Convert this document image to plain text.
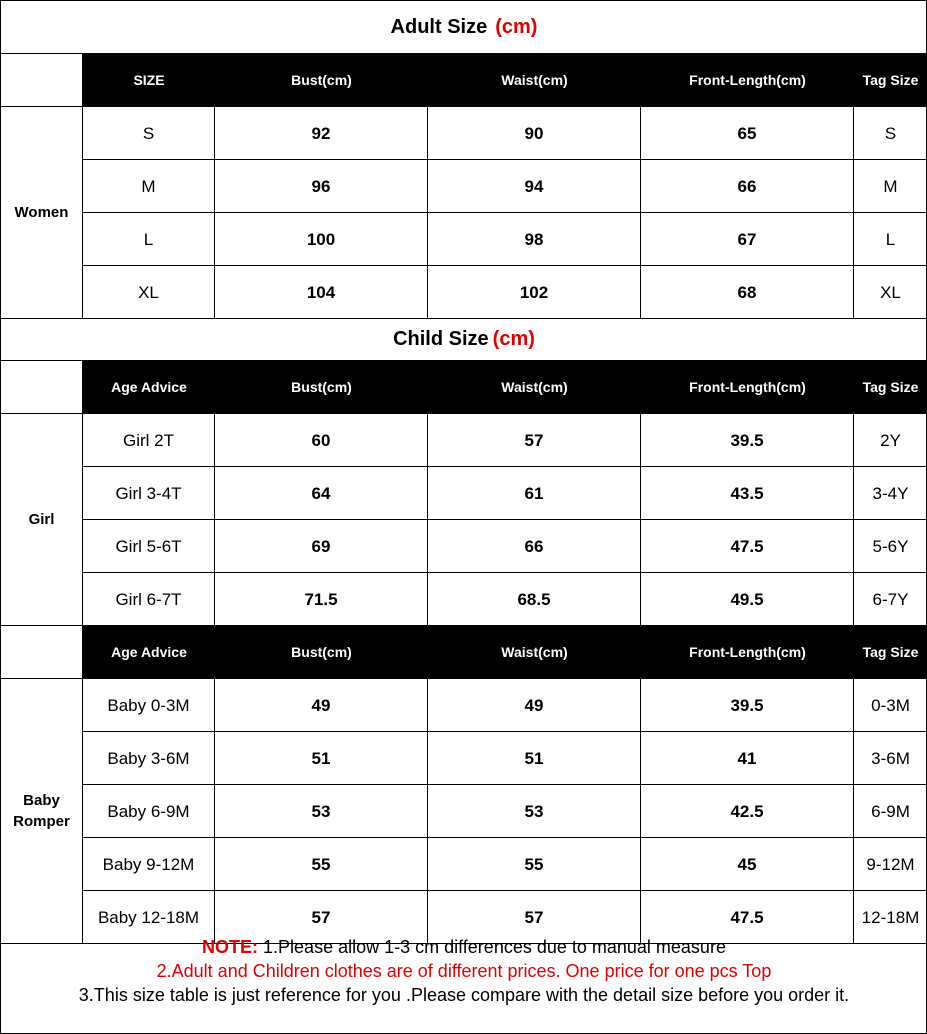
Adult Size (cm)
SIZE	Bust(cm)	Waist(cm)	Front-Length(cm)	Tag Size
Women
S	92	90	65	S
M	96	94	66	M
L	100	98	67	L
XL	104	102	68	XL
Child Size (cm)
Age Advice	Bust(cm)	Waist(cm)	Front-Length(cm)	Tag Size
Girl
Girl 2T	60	57	39.5	2Y
Girl 3-4T	64	61	43.5	3-4Y
Girl 5-6T	69	66	47.5	5-6Y
Girl 6-7T	71.5	68.5	49.5	6-7Y
Age Advice	Bust(cm)	Waist(cm)	Front-Length(cm)	Tag Size
Baby
Romper
Baby 0-3M	49	49	39.5	0-3M
Baby 3-6M	51	51	41	3-6M
Baby 6-9M	53	53	42.5	6-9M
Baby 9-12M	55	55	45	9-12M
Baby 12-18M	57	57	47.5	12-18M
NOTE: 1.Please allow 1-3 cm differences due to manual measure
2.Adult and Children clothes are of different prices. One price for one pcs Top
3.This size table is just reference for you .Please compare with the detail size before you order it.
